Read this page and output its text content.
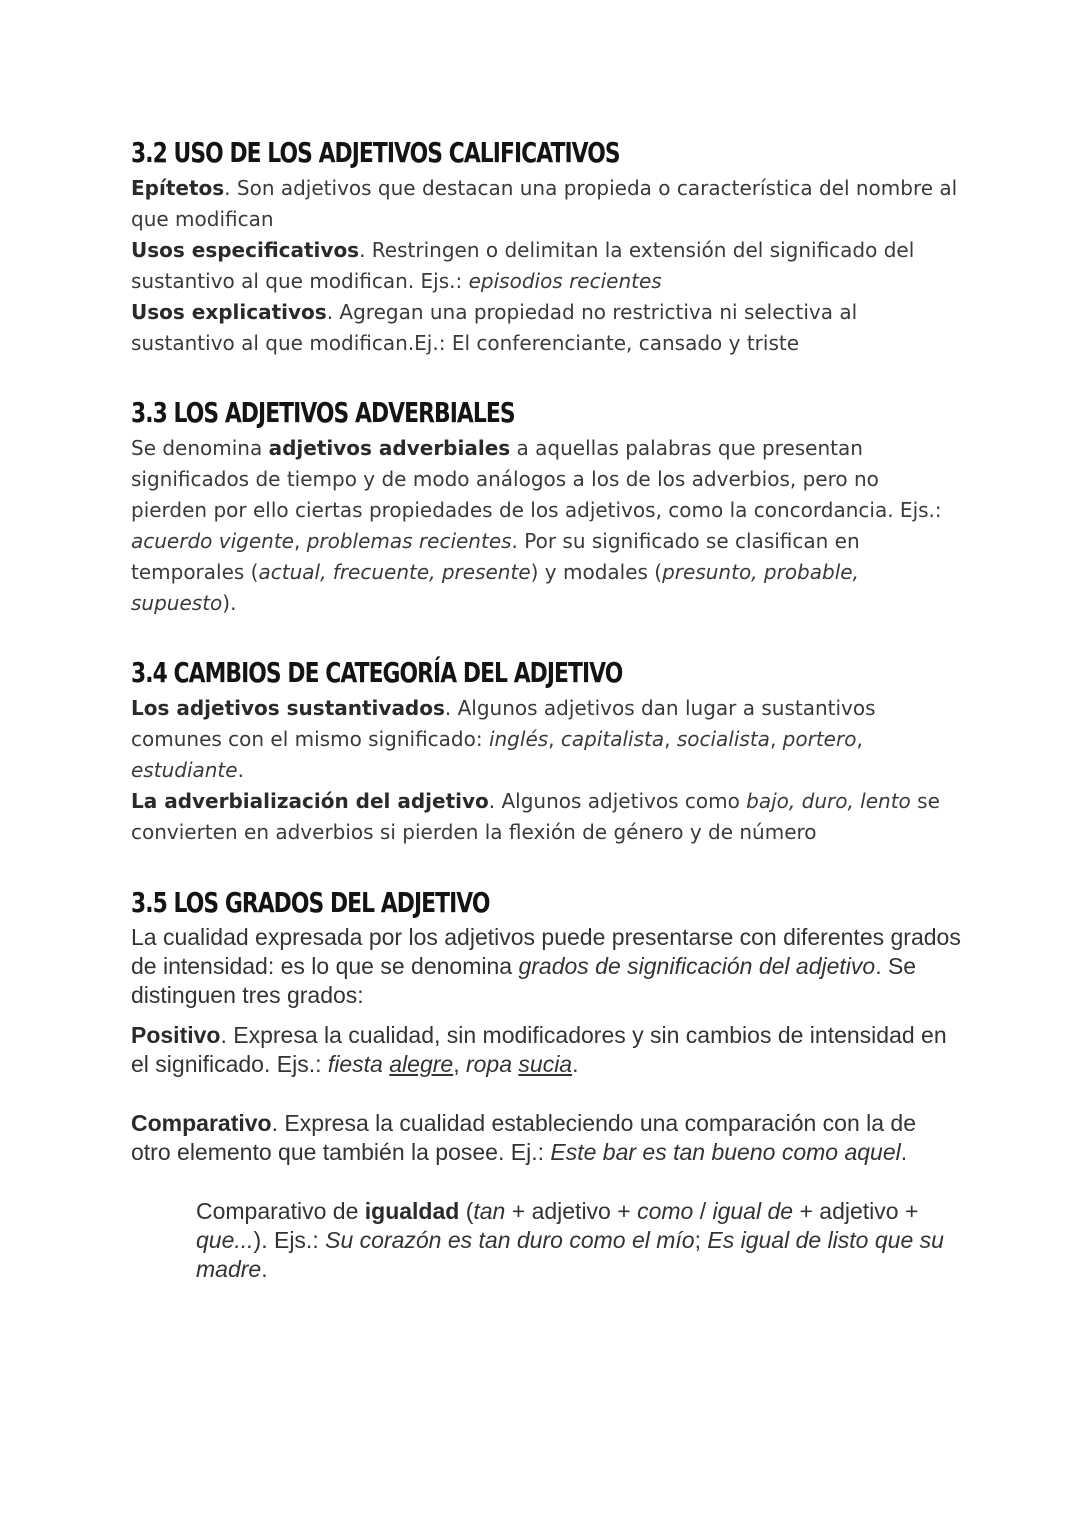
3.2 USO DE LOS ADJETIVOS CALIFICATIVOS

Epítetos. Son adjetivos que destacan una propieda o característica del nombre al que modifican

Usos especificativos. Restringen o delimitan la extensión del significado del sustantivo al que modifican. Ejs.: episodios recientes

Usos explicativos. Agregan una propiedad no restrictiva ni selectiva al sustantivo al que modifican.Ej.: El conferenciante, cansado y triste

3.3 LOS ADJETIVOS ADVERBIALES

Se denomina adjetivos adverbiales a aquellas palabras que presentan significados de tiempo y de modo análogos a los de los adverbios, pero no pierden por ello ciertas propiedades de los adjetivos, como la concordancia. Ejs.: acuerdo vigente, problemas recientes. Por su significado se clasifican en temporales (actual, frecuente, presente) y modales (presunto, probable, supuesto).

3.4 CAMBIOS DE CATEGORÍA DEL ADJETIVO

Los adjetivos sustantivados. Algunos adjetivos dan lugar a sustantivos comunes con el mismo significado: inglés, capitalista, socialista, portero, estudiante.

La adverbialización del adjetivo. Algunos adjetivos como bajo, duro, lento se convierten en adverbios si pierden la flexión de género y de número

3.5 LOS GRADOS DEL ADJETIVO

La cualidad expresada por los adjetivos puede presentarse con diferentes grados de intensidad: es lo que se denomina grados de significación del adjetivo. Se distinguen tres grados:

Positivo. Expresa la cualidad, sin modificadores y sin cambios de intensidad en el significado. Ejs.: fiesta alegre, ropa sucia.

Comparativo. Expresa la cualidad estableciendo una comparación con la de otro elemento que también la posee. Ej.: Este bar es tan bueno como aquel.

Comparativo de igualdad (tan + adjetivo + como / igual de + adjetivo + que...). Ejs.: Su corazón es tan duro como el mío; Es igual de listo que su madre.
